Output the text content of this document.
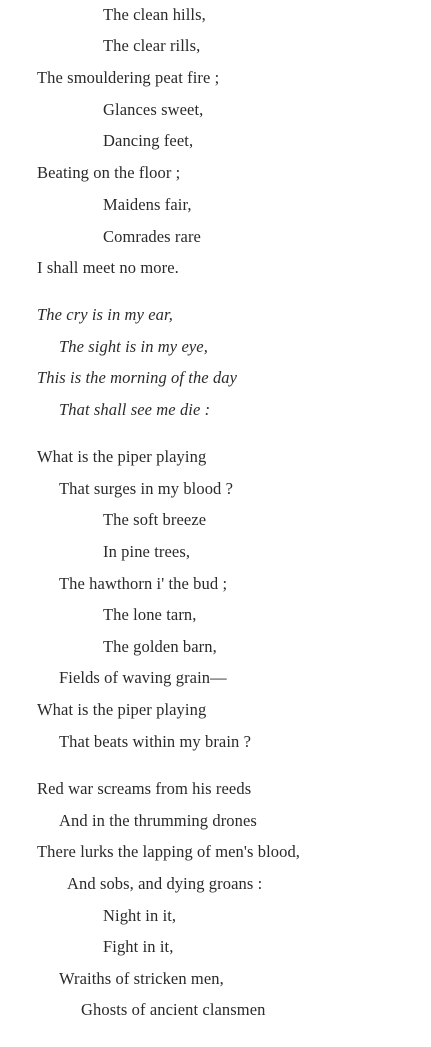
The clean hills,
The clear rills,
The smouldering peat fire ;
Glances sweet,
Dancing feet,
Beating on the floor ;
Maidens fair,
Comrades rare
I shall meet no more.
The cry is in my ear,
The sight is in my eye,
This is the morning of the day
That shall see me die :
What is the piper playing
That surges in my blood ?
The soft breeze
In pine trees,
The hawthorn i' the bud ;
The lone tarn,
The golden barn,
Fields of waving grain—
What is the piper playing
That beats within my brain ?
Red war screams from his reeds
And in the thrumming drones
There lurks the lapping of men's blood,
And sobs, and dying groans :
Night in it,
Fight in it,
Wraiths of stricken men,
Ghosts of ancient clansmen
